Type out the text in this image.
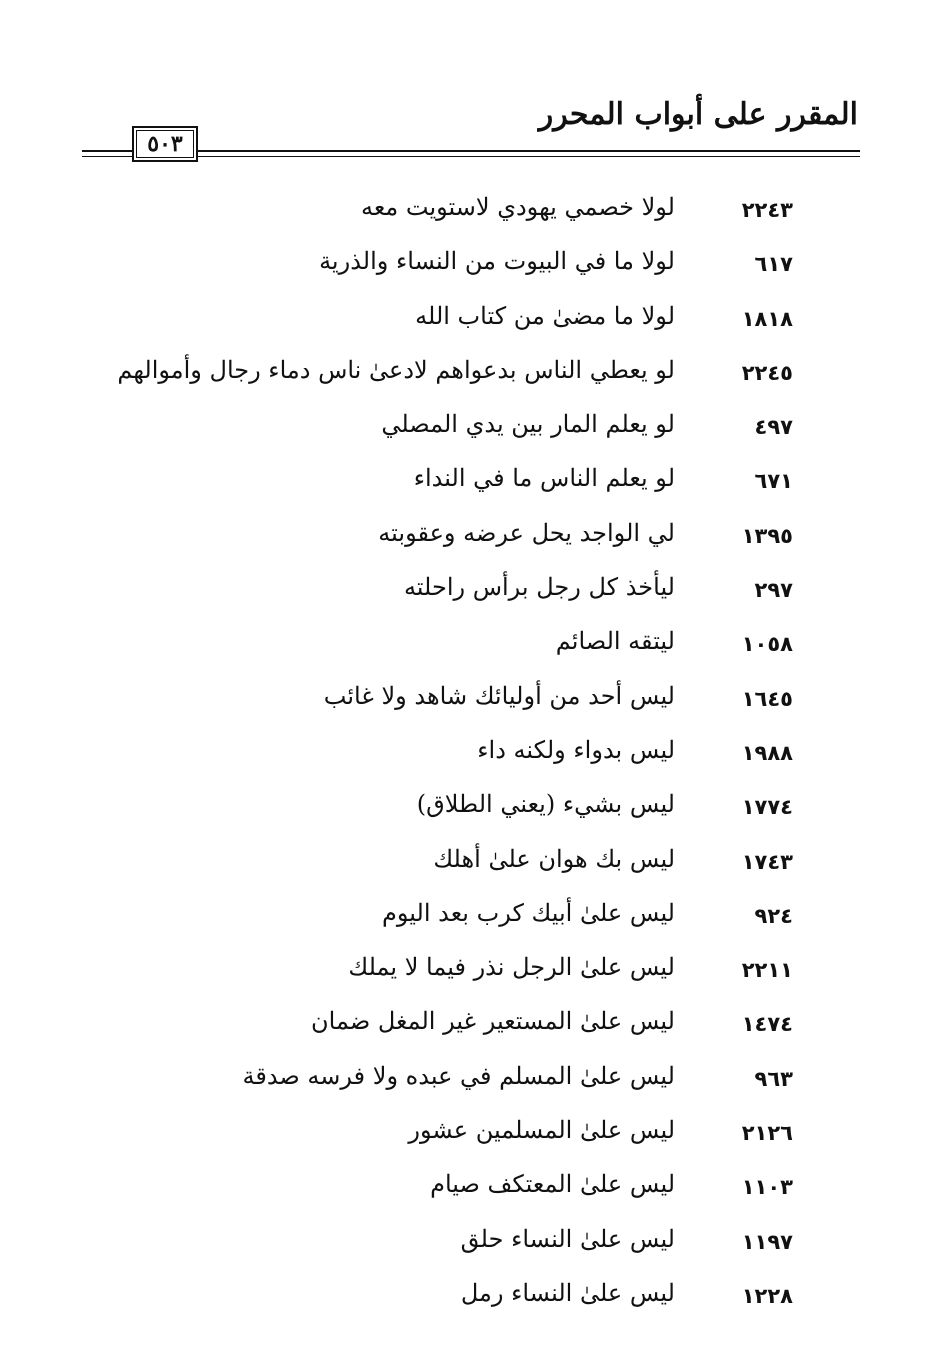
المقرر على أبواب المحرر
٥٠٣
٢٢٤٣
لولا خصمي يهودي لاستويت معه
٦١٧
لولا ما في البيوت من النساء والذرية
١٨١٨
لولا ما مضىٰ من كتاب الله
٢٢٤٥
لو يعطي الناس بدعواهم لادعىٰ ناس دماء رجال وأموالهم
٤٩٧
لو يعلم المار بين يدي المصلي
٦٧١
لو يعلم الناس ما في النداء
١٣٩٥
لي الواجد يحل عرضه وعقوبته
٢٩٧
ليأخذ كل رجل برأس راحلته
١٠٥٨
ليتقه الصائم
١٦٤٥
ليس أحد من أوليائك شاهد ولا غائب
١٩٨٨
ليس بدواء ولكنه داء
١٧٧٤
ليس بشيء (يعني الطلاق)
١٧٤٣
ليس بك هوان علىٰ أهلك
٩٢٤
ليس علىٰ أبيك كرب بعد اليوم
٢٢١١
ليس علىٰ الرجل نذر فيما لا يملك
١٤٧٤
ليس علىٰ المستعير غير المغل ضمان
٩٦٣
ليس علىٰ المسلم في عبده ولا فرسه صدقة
٢١٢٦
ليس علىٰ المسلمين عشور
١١٠٣
ليس علىٰ المعتكف صيام
١١٩٧
ليس علىٰ النساء حلق
١٢٢٨
ليس علىٰ النساء رمل
